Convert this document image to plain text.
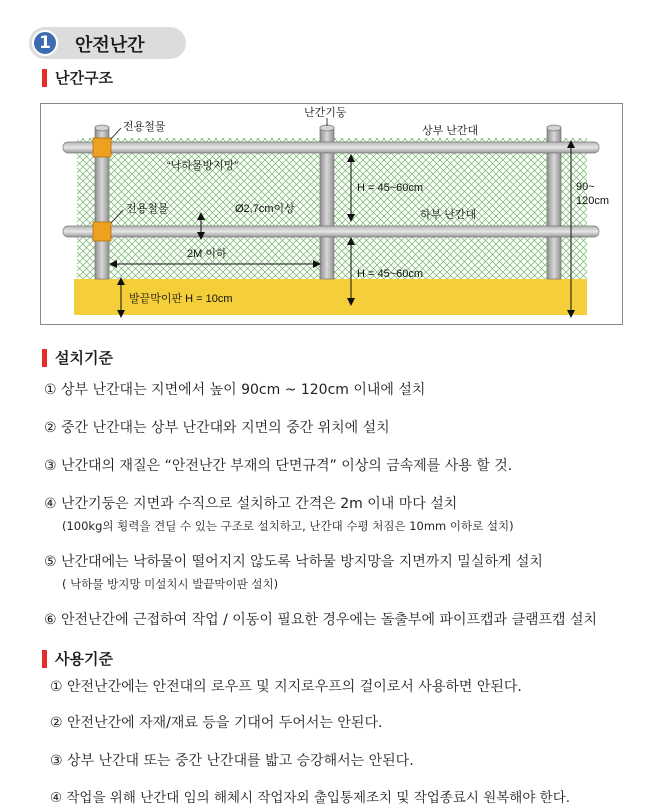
1	안전난간
난간구조
전용철물
전용철물
난간기둥
상부 난간대
“낙하물방지망”
H = 45~60cm
Ø2,7cm이상	하부 난간대
2M 이하
H = 45~60cm
발끝막이판 H = 10cm
90~
120cm
설치기준
① 상부 난간대는 지면에서 높이 90cm ~ 120cm 이내에 설치
② 중간 난간대는 상부 난간대와 지면의 중간 위치에 설치
③ 난간대의 재질은 “안전난간 부재의 단면규격” 이상의 금속제를 사용 할 것.
④ 난간기둥은 지면과 수직으로 설치하고 간격은 2m 이내 마다 설치
(100kg의 횡력을 견딜 수 있는 구조로 설치하고, 난간대 수평 처짐은 10mm 이하로 설치)
⑤ 난간대에는 낙하물이 떨어지지 않도록 낙하물 방지망을 지면까지 밀실하게 설치
( 낙하물 방지망 미설치시 발끝막이판 설치)
⑥ 안전난간에 근접하여 작업 / 이동이 필요한 경우에는 돌출부에 파이프캡과 클램프캡 설치
사용기준
① 안전난간에는 안전대의 로우프 및 지지로우프의 걸이로서 사용하면 안된다.
② 안전난간에 자재/재료 등을 기대어 두어서는 안된다.
③ 상부 난간대 또는 중간 난간대를 밟고 승강해서는 안된다.
④ 작업을 위해 난간대 임의 해체시 작업자외 출입통제조치 및 작업종료시 원복해야 한다.
